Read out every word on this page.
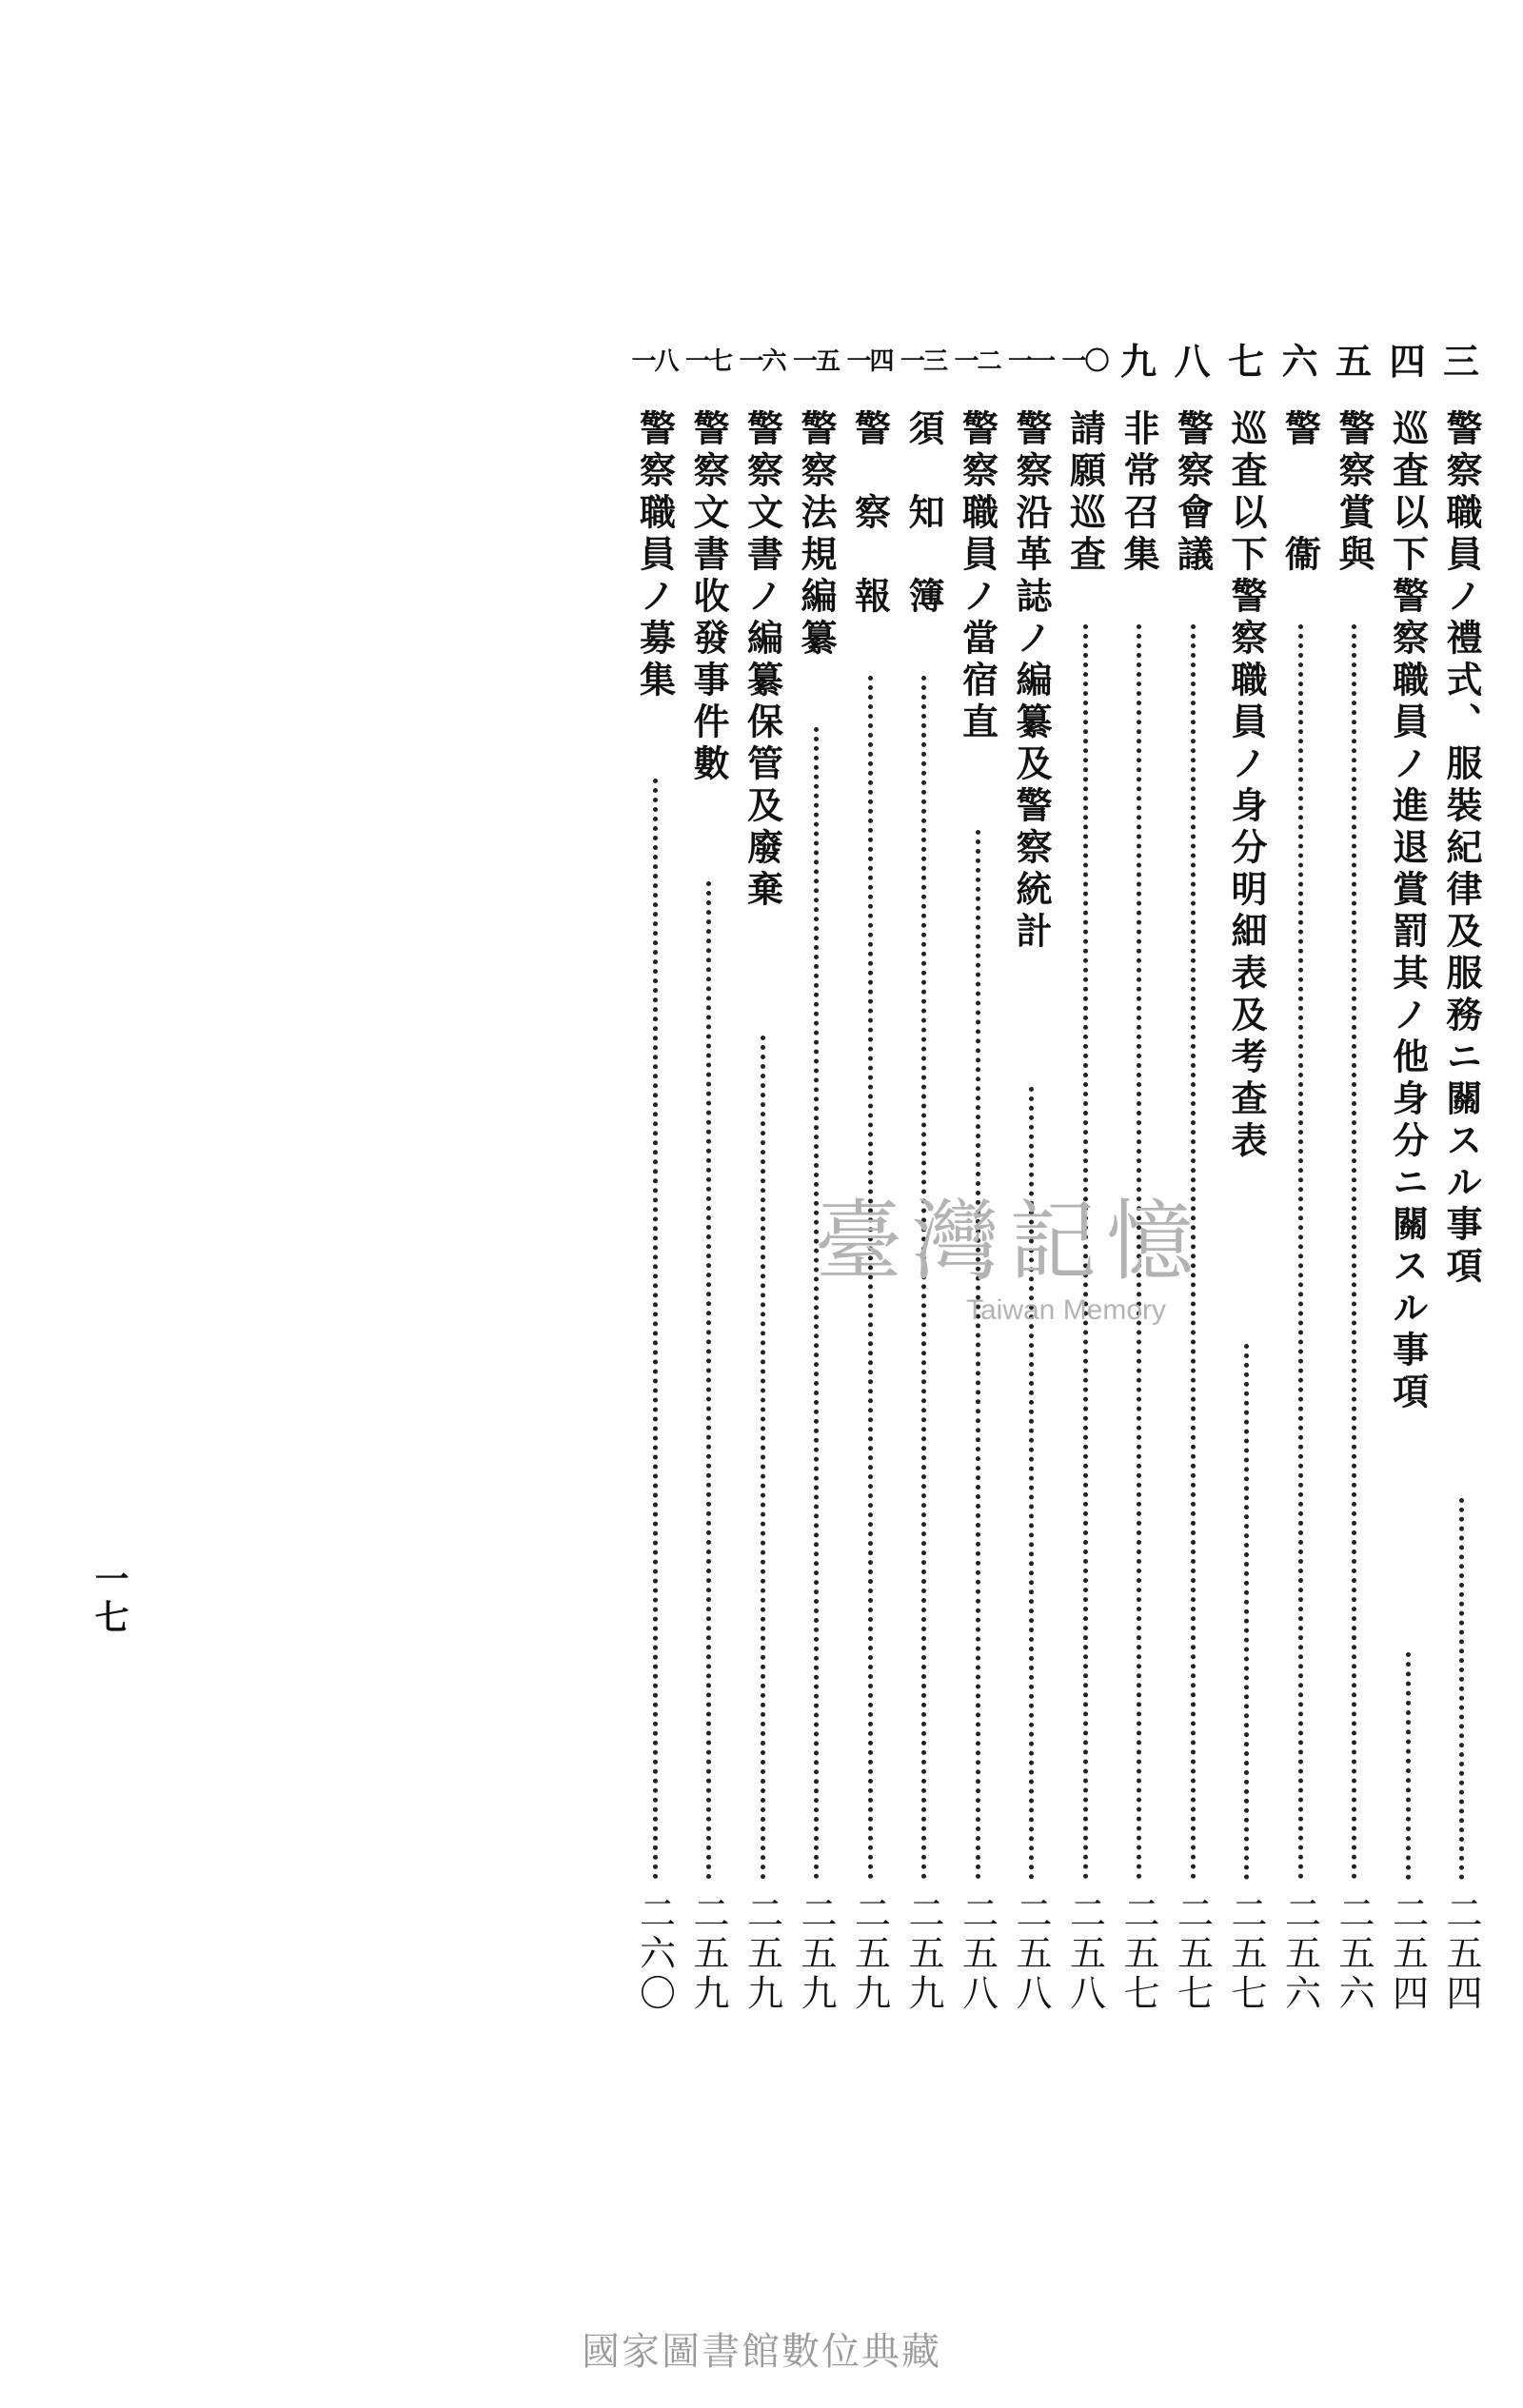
三
警察職員ノ禮式、服裝紀律及服務ニ關スル事項
二五四
四
巡査以下警察職員ノ進退賞罰其ノ他身分ニ關スル事項
二五四
五
警察賞與
二五六
六
警　　衞
二五六
七
巡査以下警察職員ノ身分明細表及考查表
二五七
八
警察會議
二五七
九
非常召集
二五七
一〇
請願巡查
二五八
一一
警察沿革誌ノ編纂及警察統計
二五八
一二
警察職員ノ當宿直
二五八
一三
須　知　簿
二五九
一四
警　察　報
二五九
一五
警察法規編纂
二五九
一六
警察文書ノ編纂保管及廢棄
二五九
一七
警察文書收發事件數
二五九
一八
警察職員ノ募集
二六〇
一七
臺灣記憶
Taiwan Memory
國家圖書館數位典藏
